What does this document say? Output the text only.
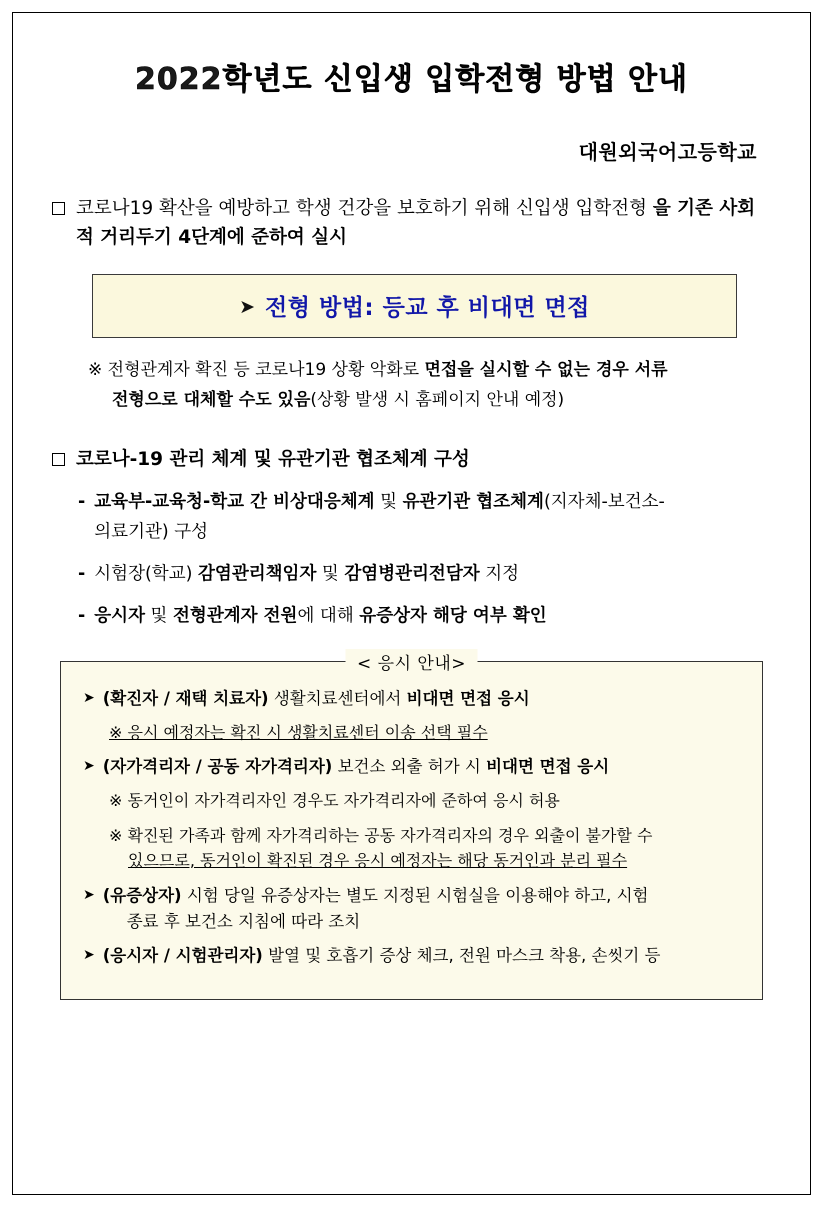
2022학년도 신입생 입학전형 방법 안내
대원외국어고등학교
코로나19 확산을 예방하고 학생 건강을 보호하기 위해 신입생 입학전형 을 기존 사회적 거리두기 4단계에 준하여 실시
➤ 전형 방법: 등교 후 비대면 면접
※ 전형관계자 확진 등 코로나19 상황 악화로 면접을 실시할 수 없는 경우 서류
전형으로 대체할 수도 있음(상황 발생 시 홈페이지 안내 예정)
코로나-19 관리 체계 및 유관기관 협조체계 구성
- 교육부-교육청-학교 간 비상대응체계 및 유관기관 협조체계(지자체-보건소-
의료기관) 구성
- 시험장(학교) 감염관리책임자 및 감염병관리전담자 지정
- 응시자 및 전형관계자 전원에 대해 유증상자 해당 여부 확인
< 응시 안내>
➤ (확진자 / 재택 치료자) 생활치료센터에서 비대면 면접 응시
※ 응시 예정자는 확진 시 생활치료센터 이송 선택 필수
➤ (자가격리자 / 공동 자가격리자) 보건소 외출 허가 시 비대면 면접 응시
※ 동거인이 자가격리자인 경우도 자가격리자에 준하여 응시 허용
※ 확진된 가족과 함께 자가격리하는 공동 자가격리자의 경우 외출이 불가할 수
있으므로, 동거인이 확진된 경우 응시 예정자는 해당 동거인과 분리 필수
➤ (유증상자) 시험 당일 유증상자는 별도 지정된 시험실을 이용해야 하고, 시험
종료 후 보건소 지침에 따라 조치
➤ (응시자 / 시험관리자) 발열 및 호흡기 증상 체크, 전원 마스크 착용, 손씻기 등
